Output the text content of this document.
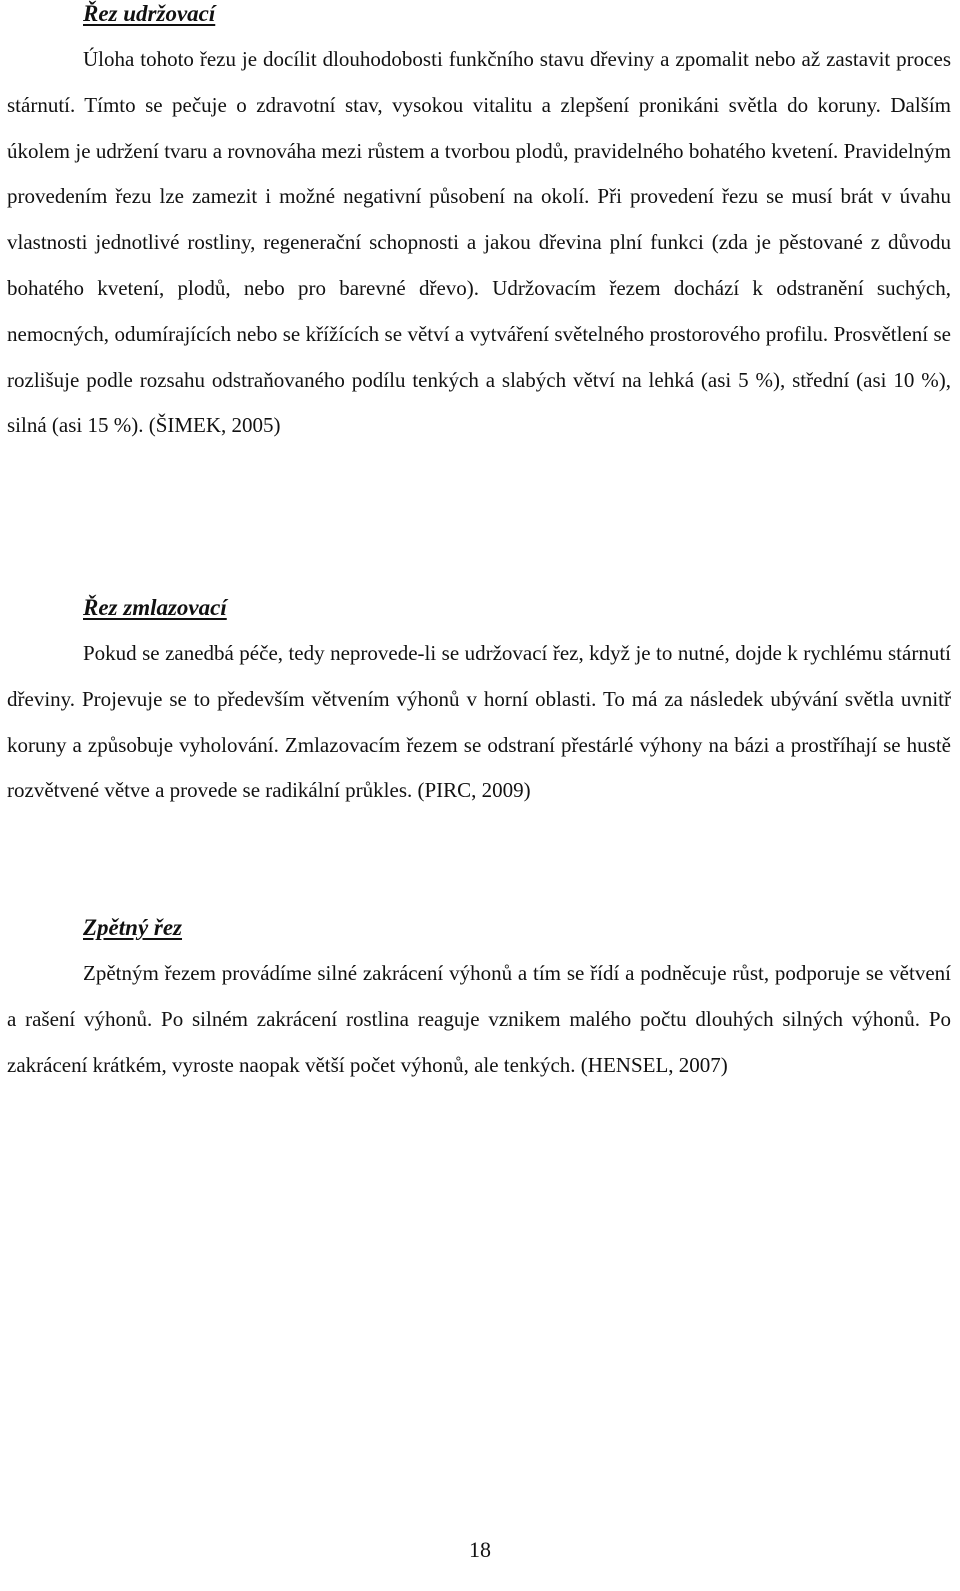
Řez udržovací

Úloha tohoto řezu je docílit dlouhodobosti funkčního stavu dřeviny a zpomalit nebo až zastavit proces stárnutí. Tímto se pečuje o zdravotní stav, vysokou vitalitu a zlepšení pronikáni světla do koruny. Dalším úkolem je udržení tvaru a rovnováha mezi růstem a tvorbou plodů, pravidelného bohatého kvetení. Pravidelným provedením řezu lze zamezit i možné negativní působení na okolí. Při provedení řezu se musí brát v úvahu vlastnosti jednotlivé rostliny, regenerační schopnosti a jakou dřevina plní funkci (zda je pěstované z důvodu bohatého kvetení, plodů, nebo pro barevné dřevo). Udržovacím řezem dochází k odstranění suchých, nemocných, odumírajících nebo se křížících se větví a vytváření světelného prostorového profilu. Prosvětlení se rozlišuje podle rozsahu odstraňovaného podílu tenkých a slabých větví na lehká (asi 5 %), střední (asi 10 %), silná (asi 15 %). (ŠIMEK, 2005)

Řez zmlazovací

Pokud se zanedbá péče, tedy neprovede-li se udržovací řez, když je to nutné, dojde k rychlému stárnutí dřeviny. Projevuje se to především větvením výhonů v horní oblasti. To má za následek ubývání světla uvnitř koruny a způsobuje vyholování. Zmlazovacím řezem se odstraní přestárlé výhony na bázi a prostříhají se hustě rozvětvené větve a provede se radikální průkles. (PIRC, 2009)

Zpětný řez

Zpětným řezem provádíme silné zakrácení výhonů a tím se řídí a podněcuje růst, podporuje se větvení a rašení výhonů. Po silném zakrácení rostlina reaguje vznikem malého počtu dlouhých silných výhonů. Po zakrácení krátkém, vyroste naopak větší počet výhonů, ale tenkých. (HENSEL, 2007)

18
